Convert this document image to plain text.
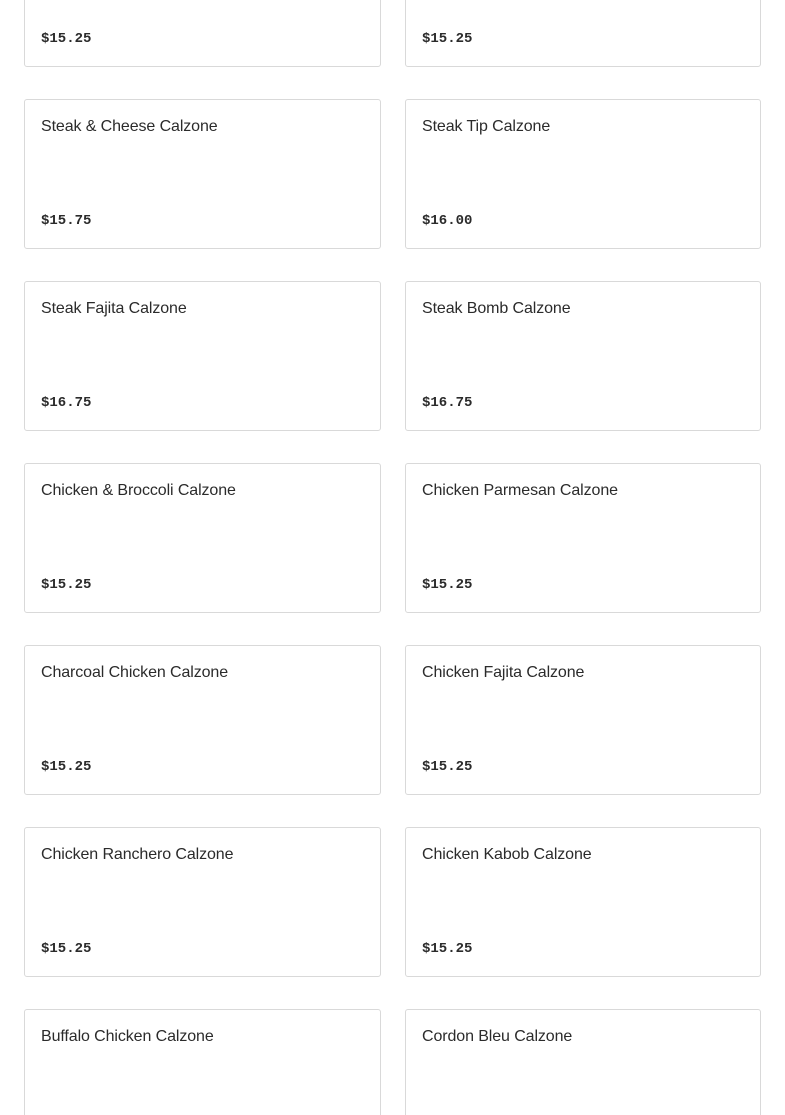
$15.25	$15.25
Steak & Cheese Calzone
$15.75
Steak Tip Calzone
$16.00
Steak Fajita Calzone
$16.75
Steak Bomb Calzone
$16.75
Chicken & Broccoli Calzone
$15.25
Chicken Parmesan Calzone
$15.25
Charcoal Chicken Calzone
$15.25
Chicken Fajita Calzone
$15.25
Chicken Ranchero Calzone
$15.25
Chicken Kabob Calzone
$15.25
Buffalo Chicken Calzone	Cordon Bleu Calzone
